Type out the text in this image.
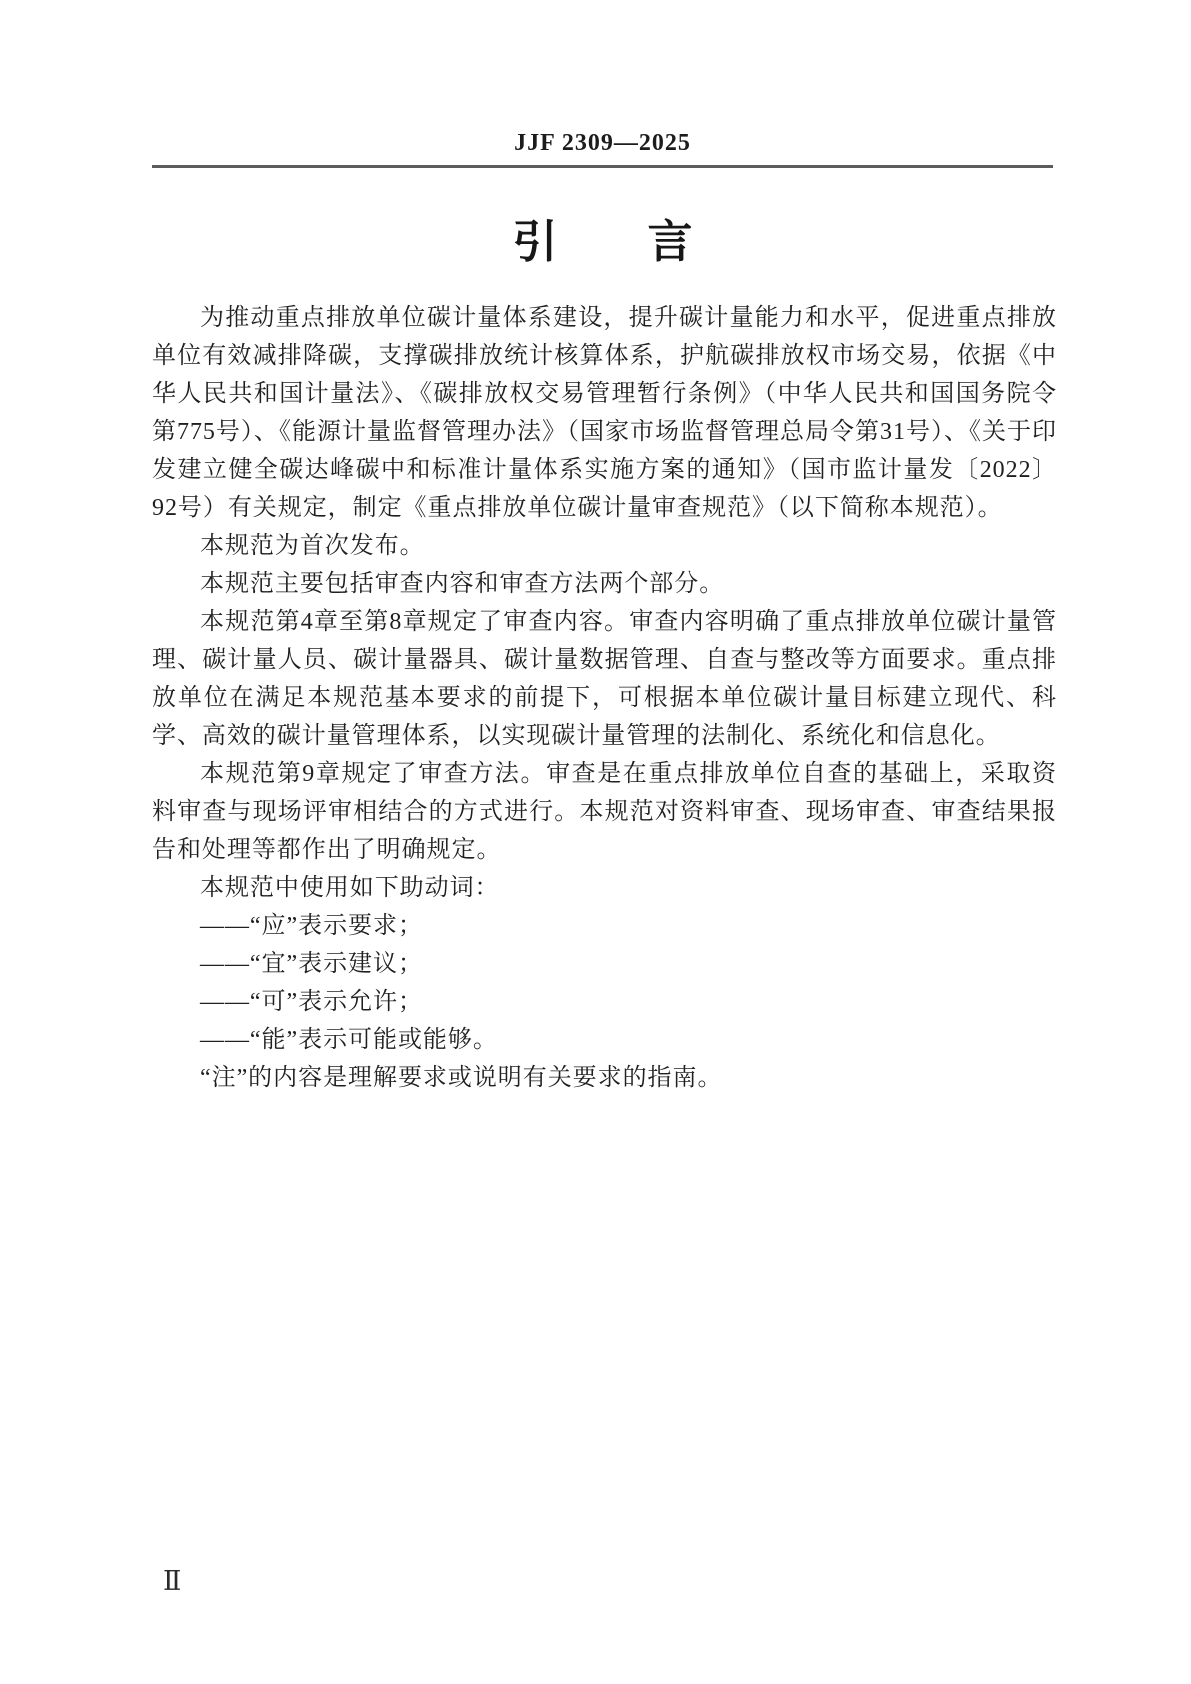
JJF 2309—2025
引 言

为推动重点排放单位碳计量体系建设，提升碳计量能力和水平，促进重点排放单位有效减排降碳，支撑碳排放统计核算体系，护航碳排放权市场交易，依据《中华人民共和国计量法》、《碳排放权交易管理暂行条例》（中华人民共和国国务院令第775号）、《能源计量监督管理办法》（国家市场监督管理总局令第31号）、《关于印发建立健全碳达峰碳中和标准计量体系实施方案的通知》（国市监计量发〔2022〕92号）有关规定，制定《重点排放单位碳计量审查规范》（以下简称本规范）。

本规范为首次发布。

本规范主要包括审查内容和审查方法两个部分。

本规范第4章至第8章规定了审查内容。审查内容明确了重点排放单位碳计量管理、碳计量人员、碳计量器具、碳计量数据管理、自查与整改等方面要求。重点排放单位在满足本规范基本要求的前提下，可根据本单位碳计量目标建立现代、科学、高效的碳计量管理体系，以实现碳计量管理的法制化、系统化和信息化。

本规范第9章规定了审查方法。审查是在重点排放单位自查的基础上，采取资料审查与现场评审相结合的方式进行。本规范对资料审查、现场审查、审查结果报告和处理等都作出了明确规定。

本规范中使用如下助动词：

——“应”表示要求；

——“宜”表示建议；

——“可”表示允许；

——“能”表示可能或能够。

“注”的内容是理解要求或说明有关要求的指南。

Ⅱ
